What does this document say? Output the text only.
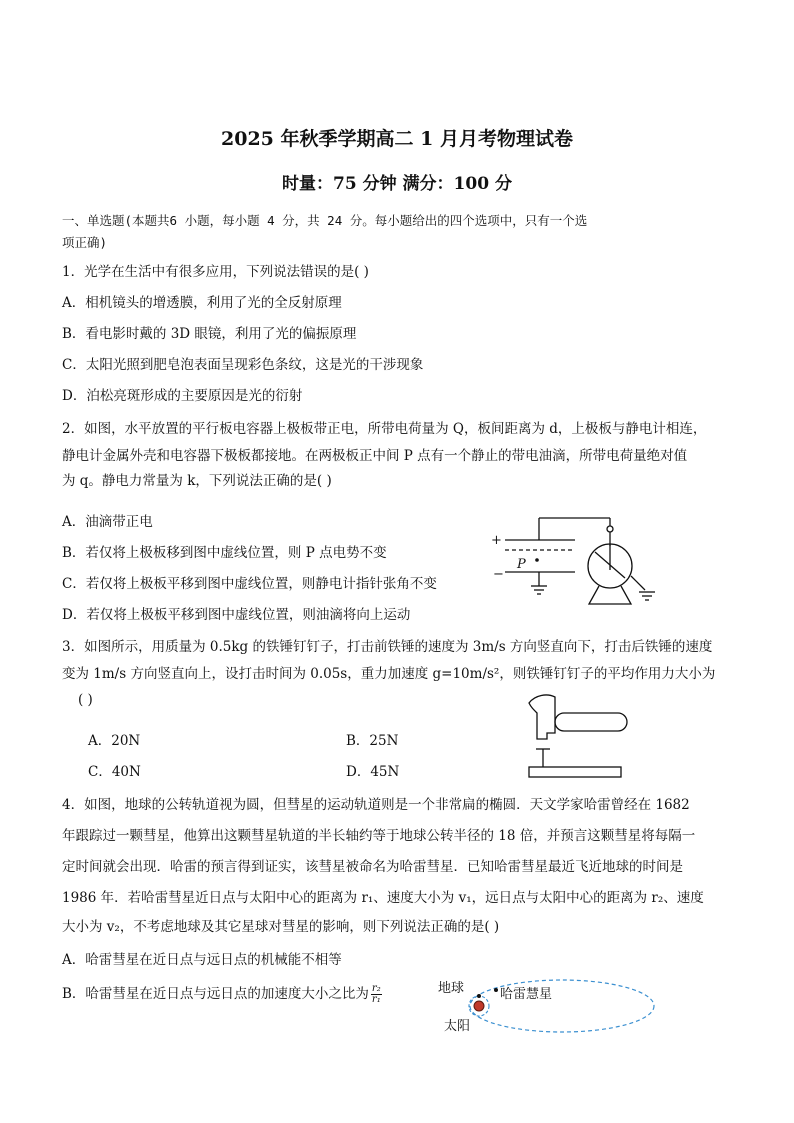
2025 年秋季学期高二 1 月月考物理试卷
时量：75 分钟 满分：100 分
一、单选题(本题共6 小题，每小题 4 分，共 24 分。每小题给出的四个选项中，只有一个选
项正确)
1．光学在生活中有很多应用，下列说法错误的是( )
A．相机镜头的增透膜，利用了光的全反射原理
B．看电影时戴的 3D 眼镜，利用了光的偏振原理
C．太阳光照到肥皂泡表面呈现彩色条纹，这是光的干涉现象
D．泊松亮斑形成的主要原因是光的衍射
2．如图，水平放置的平行板电容器上极板带正电，所带电荷量为 Q，板间距离为 d，上极板与静电计相连，
静电计金属外壳和电容器下极板都接地。在两极板正中间 P 点有一个静止的带电油滴，所带电荷量绝对值
为 q。静电力常量为 k，下列说法正确的是( )
A．油滴带正电
B．若仅将上极板移到图中虚线位置，则 P 点电势不变
C．若仅将上极板平移到图中虚线位置，则静电计指针张角不变
D．若仅将上极板平移到图中虚线位置，则油滴将向上运动
+
−
P
3．如图所示，用质量为 0.5kg 的铁锤钉钉子，打击前铁锤的速度为 3m/s 方向竖直向下，打击后铁锤的速度
变为 1m/s 方向竖直向上，设打击时间为 0.05s，重力加速度 g=10m/s²，则铁锤钉钉子的平均作用力大小为
( )
A．20N	B．25N
C．40N	D．45N
4．如图，地球的公转轨道视为圆，但彗星的运动轨道则是一个非常扁的椭圆．天文学家哈雷曾经在 1682
年跟踪过一颗彗星，他算出这颗彗星轨道的半长轴约等于地球公转半径的 18 倍，并预言这颗彗星将每隔一
定时间就会出现．哈雷的预言得到证实，该彗星被命名为哈雷彗星．已知哈雷彗星最近飞近地球的时间是
1986 年．若哈雷彗星近日点与太阳中心的距离为 r₁、速度大小为 v₁，远日点与太阳中心的距离为 r₂、速度
大小为 v₂，不考虑地球及其它星球对彗星的影响，则下列说法正确的是( )
A．哈雷彗星在近日点与远日点的机械能不相等
B．哈雷彗星在近日点与远日点的加速度大小之比为 $\frac{\text{r₂}}{\text{r₁}}$	地球	哈雷慧星
太阳
